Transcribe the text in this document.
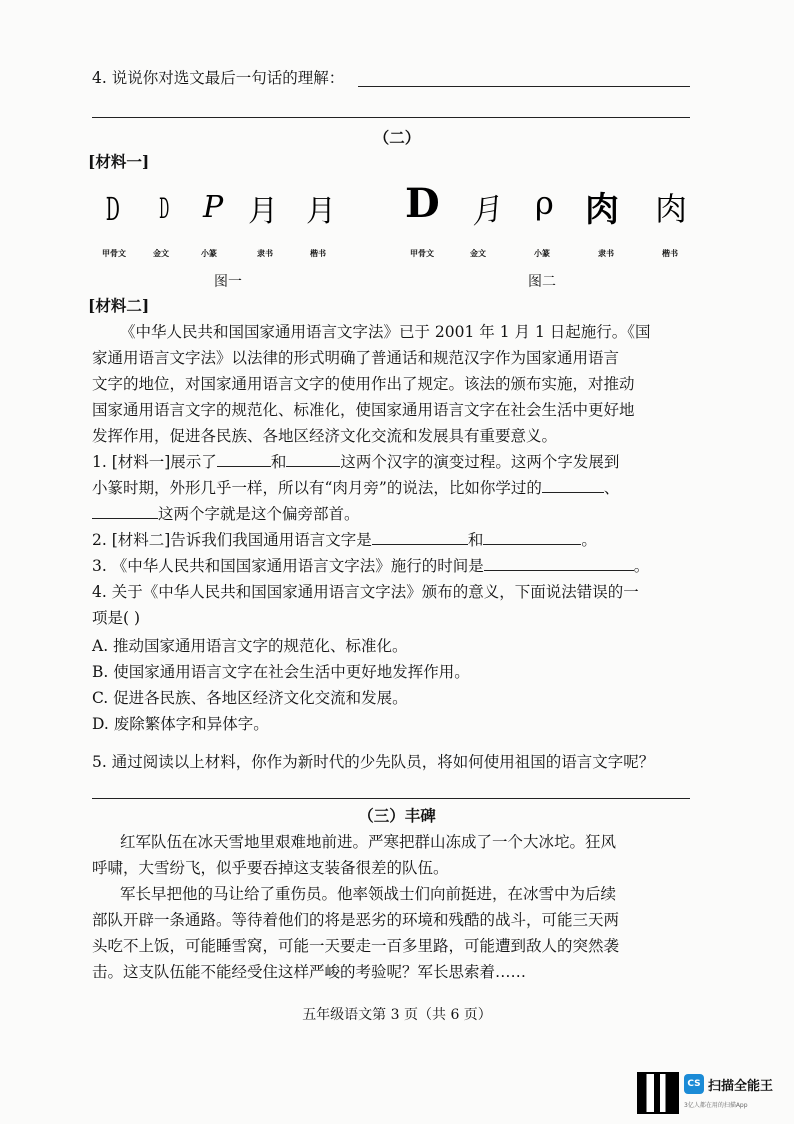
4. 说说你对选文最后一句话的理解：
（二）
[材料一]
D D P 月 月
甲骨文	金文	小篆	隶书	楷书
图一
D 月 ρ 肉 肉
甲骨文	金文	小篆	隶书	楷书
图二
[材料二]
《中华人民共和国国家通用语言文字法》已于 2001 年 1 月 1 日起施行。《国
家通用语言文字法》以法律的形式明确了普通话和规范汉字作为国家通用语言
文字的地位，对国家通用语言文字的使用作出了规定。该法的颁布实施，对推动
国家通用语言文字的规范化、标准化，使国家通用语言文字在社会生活中更好地
发挥作用，促进各民族、各地区经济文化交流和发展具有重要意义。
1. [材料一]展示了	和	这两个汉字的演变过程。这两个字发展到
小篆时期，外形几乎一样，所以有“肉月旁”的说法，比如你学过的	、
这两个字就是这个偏旁部首。
2. [材料二]告诉我们我国通用语言文字是	和	。
3. 《中华人民共和国国家通用语言文字法》施行的时间是	。
4. 关于《中华人民共和国国家通用语言文字法》颁布的意义，下面说法错误的一
项是( )
A. 推动国家通用语言文字的规范化、标准化。
B. 使国家通用语言文字在社会生活中更好地发挥作用。
C. 促进各民族、各地区经济文化交流和发展。
D. 废除繁体字和异体字。
5. 通过阅读以上材料，你作为新时代的少先队员，将如何使用祖国的语言文字呢？
（三）丰碑
红军队伍在冰天雪地里艰难地前进。严寒把群山冻成了一个大冰坨。狂风
呼啸，大雪纷飞，似乎要吞掉这支装备很差的队伍。
军长早把他的马让给了重伤员。他率领战士们向前挺进，在冰雪中为后续
部队开辟一条通路。等待着他们的将是恶劣的环境和残酷的战斗，可能三天两
头吃不上饭，可能睡雪窝，可能一天要走一百多里路，可能遭到敌人的突然袭
击。这支队伍能不能经受住这样严峻的考验呢？军长思索着……
五年级语文第 3 页（共 6 页）
CS 扫描全能王
3亿人都在用的扫描App
